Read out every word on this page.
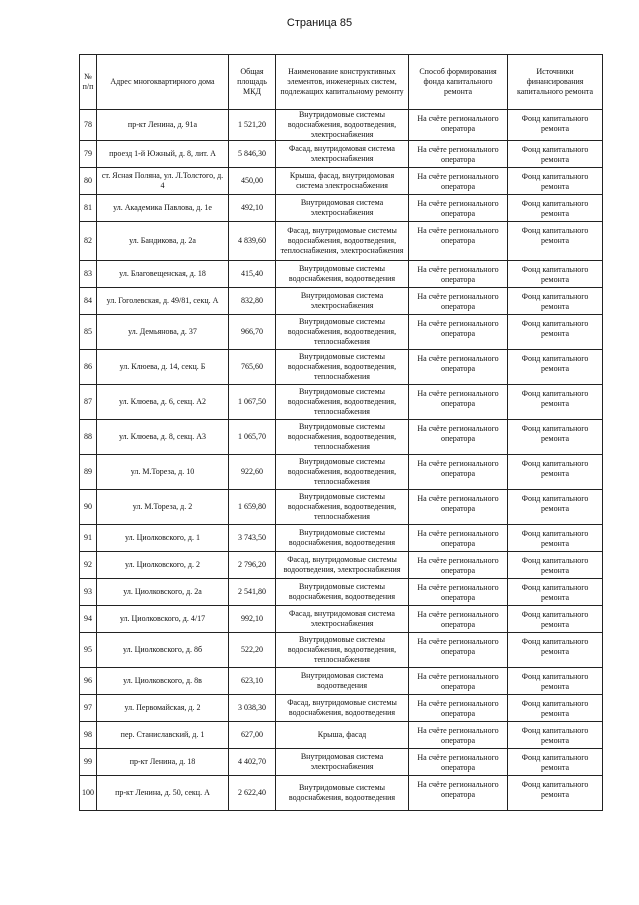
Страница 85
№ п/п	Адрес многоквартирного дома	Общая площадь МКД	Наименование конструктивных элементов, инженерных систем, подлежащих капитальному ремонту	Способ формирования фонда капитального ремонта	Источники финансирования капитального ремонта
78	пр-кт Ленина, д. 91а	1 521,20	Внутридомовые системы водоснабжения, водоотведения, электроснабжения	На счёте регионального оператора	Фонд капитального ремонта
79	проезд 1-й Южный, д. 8, лит. А	5 846,30	Фасад, внутридомовая система электроснабжения	На счёте регионального оператора	Фонд капитального ремонта
80	ст. Ясная Поляна, ул. Л.Толстого, д. 4	450,00	Крыша, фасад, внутридомовая система электроснабжения	На счёте регионального оператора	Фонд капитального ремонта
81	ул. Академика Павлова, д. 1е	492,10	Внутридомовая система электроснабжения	На счёте регионального оператора	Фонд капитального ремонта
82	ул. Бандикова, д. 2а	4 839,60	Фасад, внутридомовые системы водоснабжения, водоотведения, теплоснабжения, электроснабжения	На счёте регионального оператора	Фонд капитального ремонта
83	ул. Благовещенская, д. 18	415,40	Внутридомовые системы водоснабжения, водоотведения	На счёте регионального оператора	Фонд капитального ремонта
84	ул. Гоголевская, д. 49/81, секц. А	832,80	Внутридомовая система электроснабжения	На счёте регионального оператора	Фонд капитального ремонта
85	ул. Демьянова, д. 37	966,70	Внутридомовые системы водоснабжения, водоотведения, теплоснабжения	На счёте регионального оператора	Фонд капитального ремонта
86	ул. Клюева, д. 14, секц. Б	765,60	Внутридомовые системы водоснабжения, водоотведения, теплоснабжения	На счёте регионального оператора	Фонд капитального ремонта
87	ул. Клюева, д. 6, секц. А2	1 067,50	Внутридомовые системы водоснабжения, водоотведения, теплоснабжения	На счёте регионального оператора	Фонд капитального ремонта
88	ул. Клюева, д. 8, секц. А3	1 065,70	Внутридомовые системы водоснабжения, водоотведения, теплоснабжения	На счёте регионального оператора	Фонд капитального ремонта
89	ул. М.Тореза, д. 10	922,60	Внутридомовые системы водоснабжения, водоотведения, теплоснабжения	На счёте регионального оператора	Фонд капитального ремонта
90	ул. М.Тореза, д. 2	1 659,80	Внутридомовые системы водоснабжения, водоотведения, теплоснабжения	На счёте регионального оператора	Фонд капитального ремонта
91	ул. Циолковского, д. 1	3 743,50	Внутридомовые системы водоснабжения, водоотведения	На счёте регионального оператора	Фонд капитального ремонта
92	ул. Циолковского, д. 2	2 796,20	Фасад, внутридомовые системы водоотведения, электроснабжения	На счёте регионального оператора	Фонд капитального ремонта
93	ул. Циолковского, д. 2а	2 541,80	Внутридомовые системы водоснабжения, водоотведения	На счёте регионального оператора	Фонд капитального ремонта
94	ул. Циолковского, д. 4/17	992,10	Фасад, внутридомовая система электроснабжения	На счёте регионального оператора	Фонд капитального ремонта
95	ул. Циолковского, д. 8б	522,20	Внутридомовые системы водоснабжения, водоотведения, теплоснабжения	На счёте регионального оператора	Фонд капитального ремонта
96	ул. Циолковского, д. 8в	623,10	Внутридомовая система водоотведения	На счёте регионального оператора	Фонд капитального ремонта
97	ул. Первомайская, д. 2	3 038,30	Фасад, внутридомовые системы водоснабжения, водоотведения	На счёте регионального оператора	Фонд капитального ремонта
98	пер. Станиславский, д. 1	627,00	Крыша, фасад	На счёте регионального оператора	Фонд капитального ремонта
99	пр-кт Ленина, д. 18	4 402,70	Внутридомовая система электроснабжения	На счёте регионального оператора	Фонд капитального ремонта
100	пр-кт Ленина, д. 50, секц. А	2 622,40	Внутридомовые системы водоснабжения, водоотведения	На счёте регионального оператора	Фонд капитального ремонта
